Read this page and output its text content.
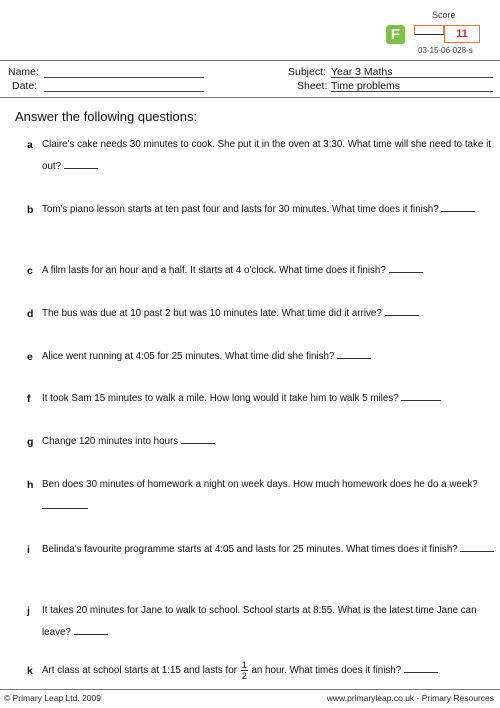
Score
F	11
03-15-06-028-s
Name:
Date:
Subject: Year 3 Maths
Sheet: Time problems
Answer the following questions:
a Claire's cake needs 30 minutes to cook. She put it in the oven at 3:30. What time will she need to take it out?
b Tom's piano lesson starts at ten past four and lasts for 30 minutes. What time does it finish?
c A film lasts for an hour and a half. It starts at 4 o'clock. What time does it finish?
d The bus was due at 10 past 2 but was 10 minutes late. What time did it arrive?
e Alice went running at 4:05 for 25 minutes. What time did she finish?
f It took Sam 15 minutes to walk a mile. How long would it take him to walk 5 miles?
g Change 120 minutes into hours
h Ben does 30 minutes of homework a night on week days. How much homework does he do a week?
i Belinda's favourite programme starts at 4:05 and lasts for 25 minutes. What times does it finish?
j It takes 20 minutes for Jane to walk to school. School starts at 8:55. What is the latest time Jane can leave?
k Art class at school starts at 1:15 and lasts for $\frac{1}{2}$ an hour. What times does it finish?
© Primary Leap Ltd. 2009	www.primaryleap.co.uk - Primary Resources
